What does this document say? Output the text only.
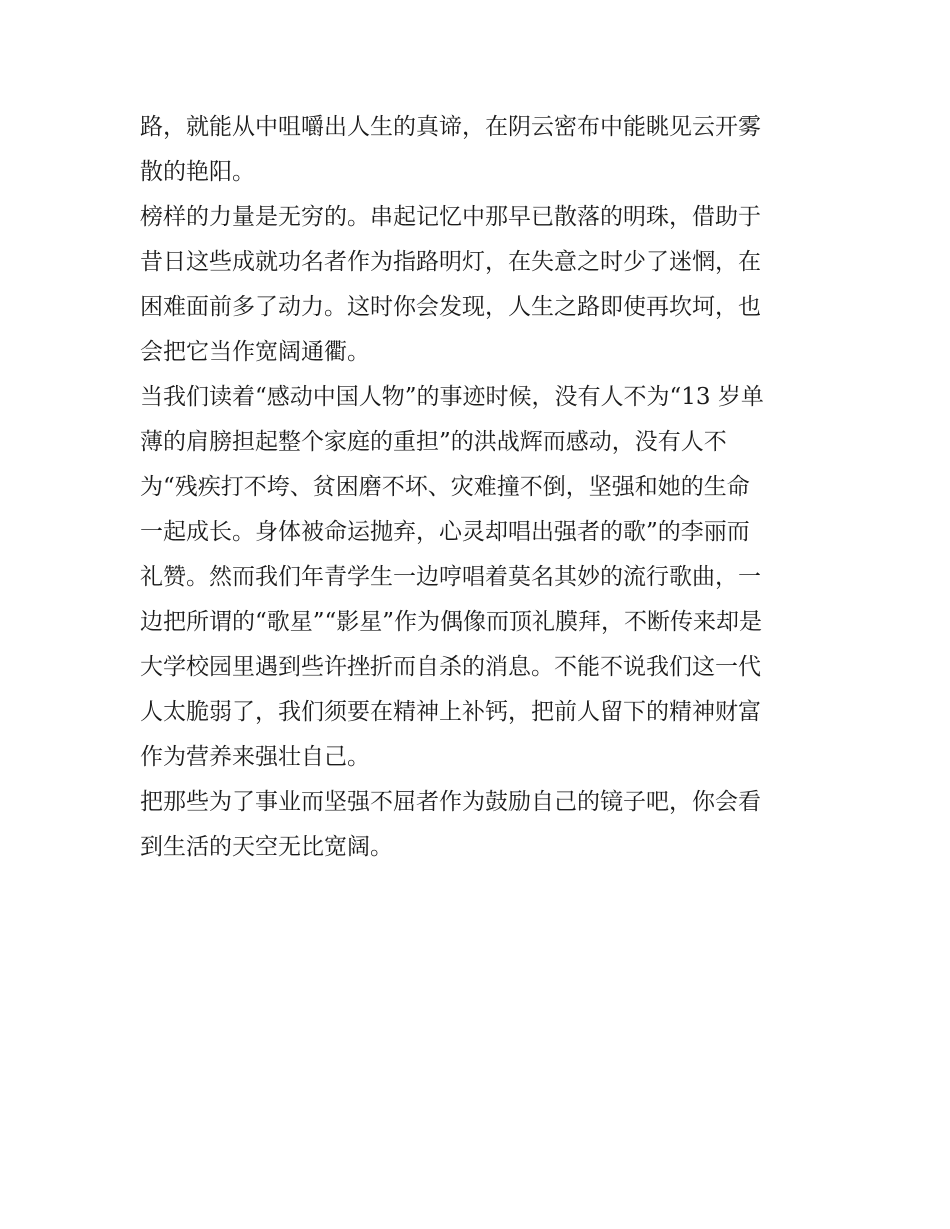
路，就能从中咀嚼出人生的真谛，在阴云密布中能眺见云开雾
散的艳阳。
榜样的力量是无穷的。串起记忆中那早已散落的明珠，借助于
昔日这些成就功名者作为指路明灯，在失意之时少了迷惘，在
困难面前多了动力。这时你会发现，人生之路即使再坎坷，也
会把它当作宽阔通衢。
当我们读着“感动中国人物”的事迹时候，没有人不为“13 岁单
薄的肩膀担起整个家庭的重担”的洪战辉而感动，没有人不
为“残疾打不垮、贫困磨不坏、灾难撞不倒，坚强和她的生命
一起成长。身体被命运抛弃，心灵却唱出强者的歌”的李丽而
礼赞。然而我们年青学生一边哼唱着莫名其妙的流行歌曲，一
边把所谓的“歌星”“影星”作为偶像而顶礼膜拜，不断传来却是
大学校园里遇到些许挫折而自杀的消息。不能不说我们这一代
人太脆弱了，我们须要在精神上补钙，把前人留下的精神财富
作为营养来强壮自己。
把那些为了事业而坚强不屈者作为鼓励自己的镜子吧，你会看
到生活的天空无比宽阔。
